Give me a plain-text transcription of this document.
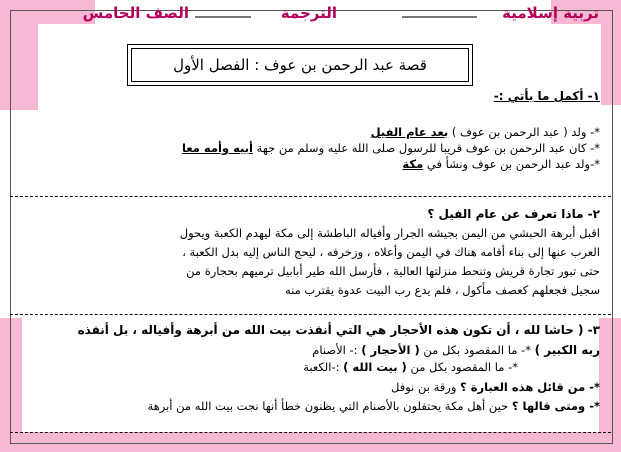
تربية إسلامية
الترجمة
الصف الخامس
قصة عبد الرحمن بن عوف : الفصل الأول
١- أكمل ما يأتي :-
*- ولد ( عبد الرحمن بن عوف ) بعد عام الفيل
*- كان عبد الرحمن بن عوف قريبا للرسول صلى الله عليه وسلم من جهة أبيه وأمه معا
*-ولد عبد الرحمن بن عوف ونشأ في مكة
٢- ماذا تعرف عن عام الفيل ؟
اقبل أبرهة الحبشي من اليمن بجيشه الجرار وأفياله الباطشة إلى مكة ليهدم الكعبة ويحول
العرب عنها إلى بناء أقامه هناك في اليمن وأعلاه ، وزخرفه ، ليحج الناس إليه بدل الكعبة ،
حتى تبور تجارة قريش وتنحط منزلتها العالية ، فأرسل الله طير أبابيل ترميهم بحجارة من
سجيل فجعلهم كعصف مأكول ، فلم يدع رب البيت عدوة يقترب منه
٣- ( حاشا لله ، أن تكون هذه الأحجار هي التي أنقذت بيت الله من أبرهة وأفياله ، بل أنقذه
ربه الكبير ) *- ما المقصود بكل من ( الأحجار ) :- الأصنام
*- ما المقصود بكل من ( بيت الله ) :-الكعبة
*- من قائل هذه العبارة ؟ ورقة بن نوفل
*- ومتى قالها ؟ حين أهل مكة يحتفلون بالأصنام التي يظنون خطأ أنها نجت بيت الله من أبرهة
